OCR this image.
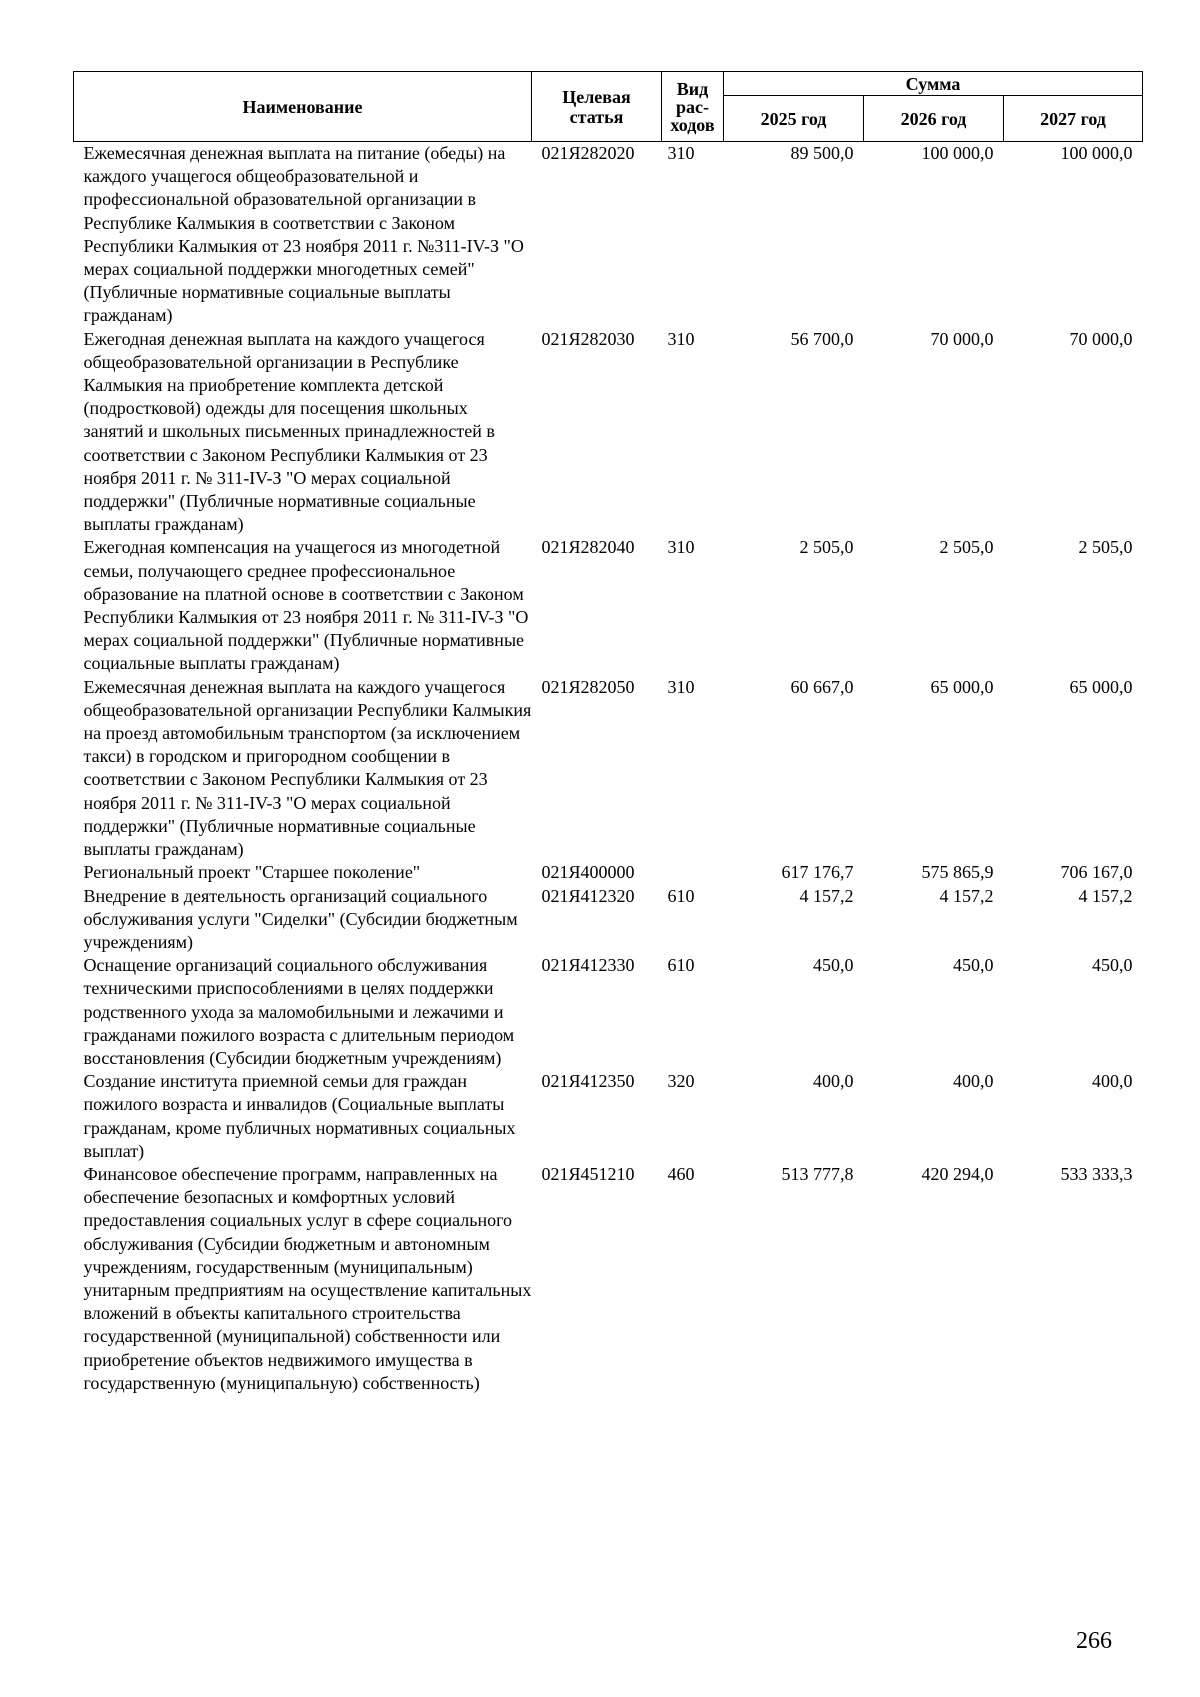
Наименование	Целевая статья	Вид рас-ходов	Сумма		
			2025 год	2026 год	2027 год
Ежемесячная денежная выплата на питание (обеды) на каждого учащегося общеобразовательной и профессиональной образовательной организации в Республике Калмыкия в соответствии с Законом Республики Калмыкия от 23 ноября 2011 г. №311-IV-З "О мерах социальной поддержки многодетных семей" (Публичные нормативные социальные выплаты гражданам)	021Я282020	310	89 500,0	100 000,0	100 000,0
Ежегодная денежная выплата на каждого учащегося общеобразовательной организации в Республике Калмыкия на приобретение комплекта детской (подростковой) одежды для посещения школьных занятий и школьных письменных принадлежностей в соответствии с Законом Республики Калмыкия от 23 ноября 2011 г. № 311-IV-З "О мерах социальной поддержки" (Публичные нормативные социальные выплаты гражданам)	021Я282030	310	56 700,0	70 000,0	70 000,0
Ежегодная компенсация на учащегося из многодетной семьи, получающего среднее профессиональное образование на платной основе в соответствии с Законом Республики Калмыкия от 23 ноября 2011 г. № 311-IV-З "О мерах социальной поддержки" (Публичные нормативные социальные выплаты гражданам)	021Я282040	310	2 505,0	2 505,0	2 505,0
Ежемесячная денежная выплата на каждого учащегося общеобразовательной организации Республики Калмыкия на проезд автомобильным транспортом (за исключением такси) в городском и пригородном сообщении в соответствии с Законом Республики Калмыкия от 23 ноября 2011 г. № 311-IV-З "О мерах социальной поддержки" (Публичные нормативные социальные выплаты гражданам)	021Я282050	310	60 667,0	65 000,0	65 000,0
Региональный проект "Старшее поколение"	021Я400000		617 176,7	575 865,9	706 167,0
Внедрение в деятельность организаций социального обслуживания услуги "Сиделки" (Субсидии бюджетным учреждениям)	021Я412320	610	4 157,2	4 157,2	4 157,2
Оснащение организаций социального обслуживания техническими приспособлениями в целях поддержки родственного ухода за маломобильными и лежачими и гражданами пожилого возраста с длительным периодом восстановления (Субсидии бюджетным учреждениям)	021Я412330	610	450,0	450,0	450,0
Создание института приемной семьи для граждан пожилого возраста и инвалидов (Социальные выплаты гражданам, кроме публичных нормативных социальных выплат)	021Я412350	320	400,0	400,0	400,0
Финансовое обеспечение программ, направленных на обеспечение безопасных и комфортных условий предоставления социальных услуг в сфере социального обслуживания (Субсидии бюджетным и автономным учреждениям, государственным (муниципальным) унитарным предприятиям на осуществление капитальных вложений в объекты капитального строительства государственной (муниципальной) собственности или приобретение объектов недвижимого имущества в государственную (муниципальную) собственность)	021Я451210	460	513 777,8	420 294,0	533 333,3
266
